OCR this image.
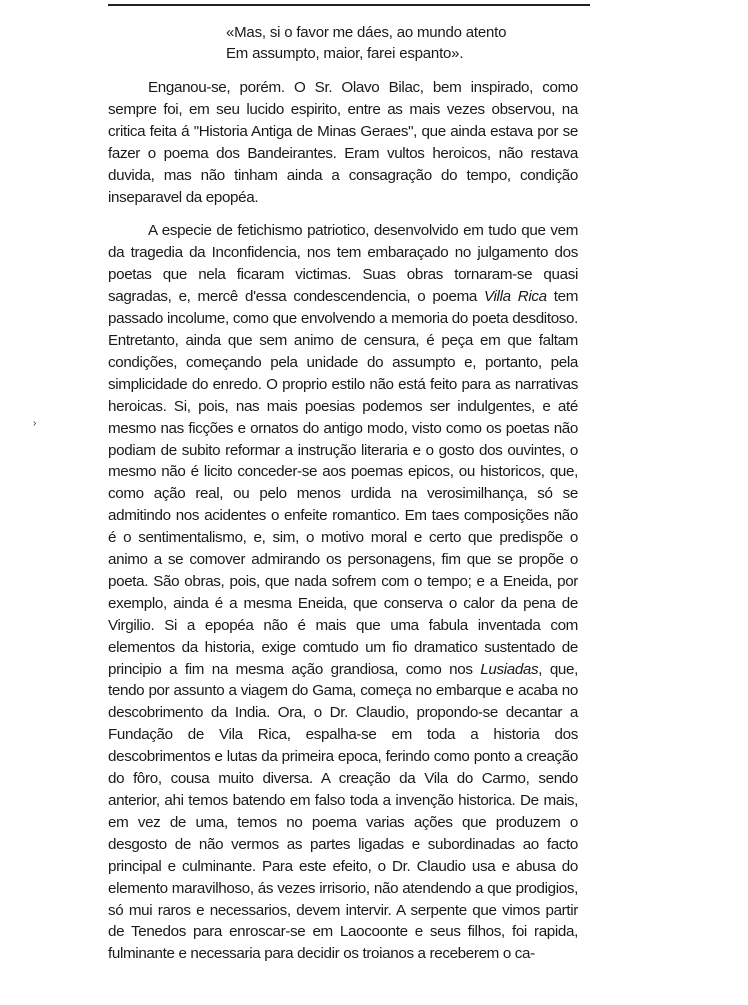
›
«Mas, si o favor me dáes, ao mundo atento
Em assumpto, maior, farei espanto».

Enganou-se, porém. O Sr. Olavo Bilac, bem inspirado, como sempre foi, em seu lucido espirito, entre as mais vezes observou, na critica feita á "Historia Antiga de Minas Geraes", que ainda estava por se fazer o poema dos Bandeirantes. Eram vultos heroicos, não restava duvida, mas não tinham ainda a consagração do tempo, condição inseparavel da epopéa.

A especie de fetichismo patriotico, desenvolvido em tudo que vem da tragedia da Inconfidencia, nos tem embaraçado no julgamento dos poetas que nela ficaram victimas. Suas obras tornaram-se quasi sagradas, e, mercê d'essa condescendencia, o poema Villa Rica tem passado incolume, como que envolvendo a memoria do poeta desditoso. Entretanto, ainda que sem animo de censura, é peça em que faltam condições, começando pela unidade do assumpto e, portanto, pela simplicidade do enredo. O proprio estilo não está feito para as narrativas heroicas. Si, pois, nas mais poesias podemos ser indulgentes, e até mesmo nas ficções e ornatos do antigo modo, visto como os poetas não podiam de subito reformar a instrução literaria e o gosto dos ouvintes, o mesmo não é licito conceder-se aos poemas epicos, ou historicos, que, como ação real, ou pelo menos urdida na verosimilhança, só se admitindo nos acidentes o enfeite romantico. Em taes composições não é o sentimentalismo, e, sim, o motivo moral e certo que predispõe o animo a se comover admirando os personagens, fim que se propõe o poeta. São obras, pois, que nada sofrem com o tempo; e a Eneida, por exemplo, ainda é a mesma Eneida, que conserva o calor da pena de Virgilio. Si a epopéa não é mais que uma fabula inventada com elementos da historia, exige comtudo um fio dramatico sustentado de principio a fim na mesma ação grandiosa, como nos Lusiadas, que, tendo por assunto a viagem do Gama, começa no embarque e acaba no descobrimento da India. Ora, o Dr. Claudio, propondo-se decantar a Fundação de Vila Rica, espalha-se em toda a historia dos descobrimentos e lutas da primeira epoca, ferindo como ponto a creação do fôro, cousa muito diversa. A creação da Vila do Carmo, sendo anterior, ahi temos batendo em falso toda a invenção historica. De mais, em vez de uma, temos no poema varias ações que produzem o desgosto de não vermos as partes ligadas e subordinadas ao facto principal e culminante. Para este efeito, o Dr. Claudio usa e abusa do elemento maravilhoso, ás vezes irrisorio, não atendendo a que prodigios, só mui raros e necessarios, devem intervir. A serpente que vimos partir de Tenedos para enroscar-se em Laocoonte e seus filhos, foi rapida, fulminante e necessaria para decidir os troianos a receberem o ca-
